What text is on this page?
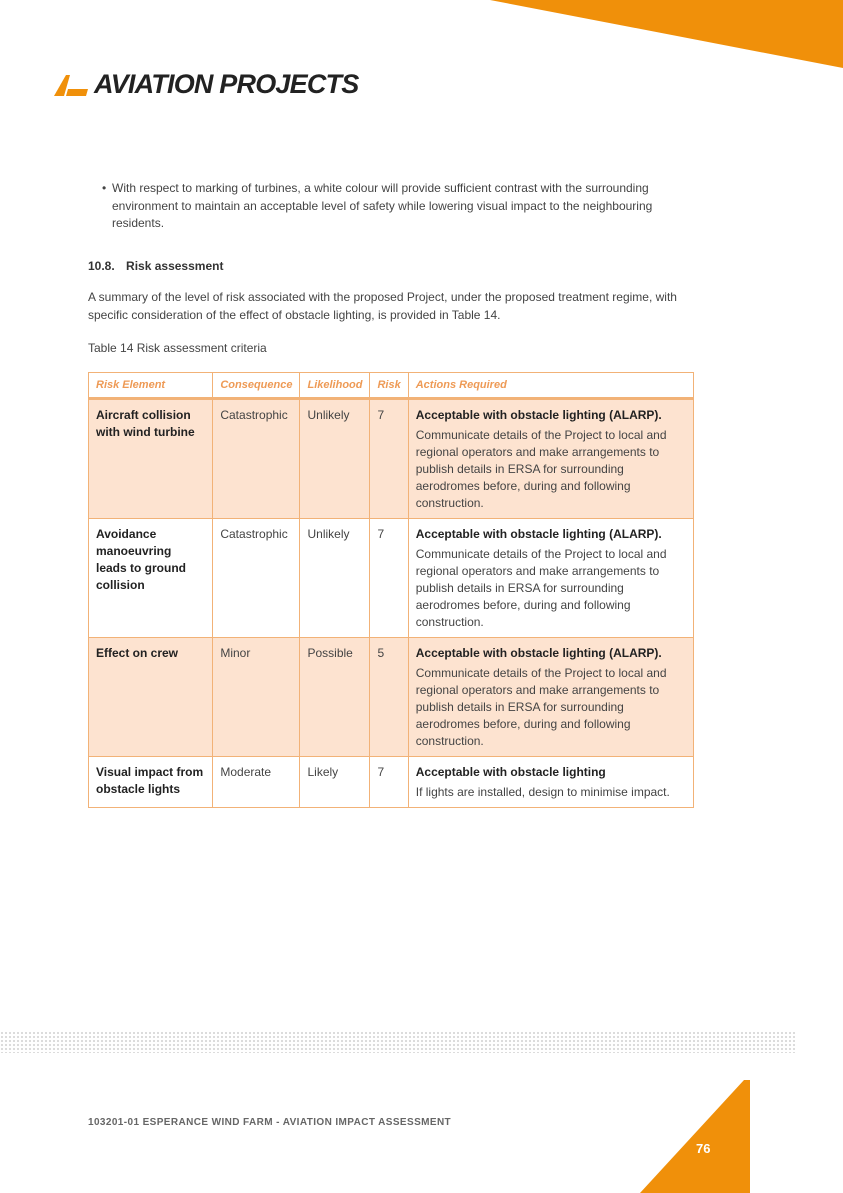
AVIATION PROJECTS
• With respect to marking of turbines, a white colour will provide sufficient contrast with the surrounding environment to maintain an acceptable level of safety while lowering visual impact to the neighbouring residents.
10.8. Risk assessment
A summary of the level of risk associated with the proposed Project, under the proposed treatment regime, with specific consideration of the effect of obstacle lighting, is provided in Table 14.
Table 14 Risk assessment criteria
Risk Element	Consequence	Likelihood	Risk	Actions Required
Aircraft collision with wind turbine	Catastrophic	Unlikely	7	Acceptable with obstacle lighting (ALARP).
Communicate details of the Project to local and regional operators and make arrangements to publish details in ERSA for surrounding aerodromes before, during and following construction.

Avoidance manoeuvring leads to ground collision	Catastrophic	Unlikely	7	Acceptable with obstacle lighting (ALARP).
Communicate details of the Project to local and regional operators and make arrangements to publish details in ERSA for surrounding aerodromes before, during and following construction.

Effect on crew	Minor	Possible	5	Acceptable with obstacle lighting (ALARP).
Communicate details of the Project to local and regional operators and make arrangements to publish details in ERSA for surrounding aerodromes before, during and following construction.

Visual impact from obstacle lights	Moderate	Likely	7	Acceptable with obstacle lighting
If lights are installed, design to minimise impact.
103201-01 ESPERANCE WIND FARM - AVIATION IMPACT ASSESSMENT
76
